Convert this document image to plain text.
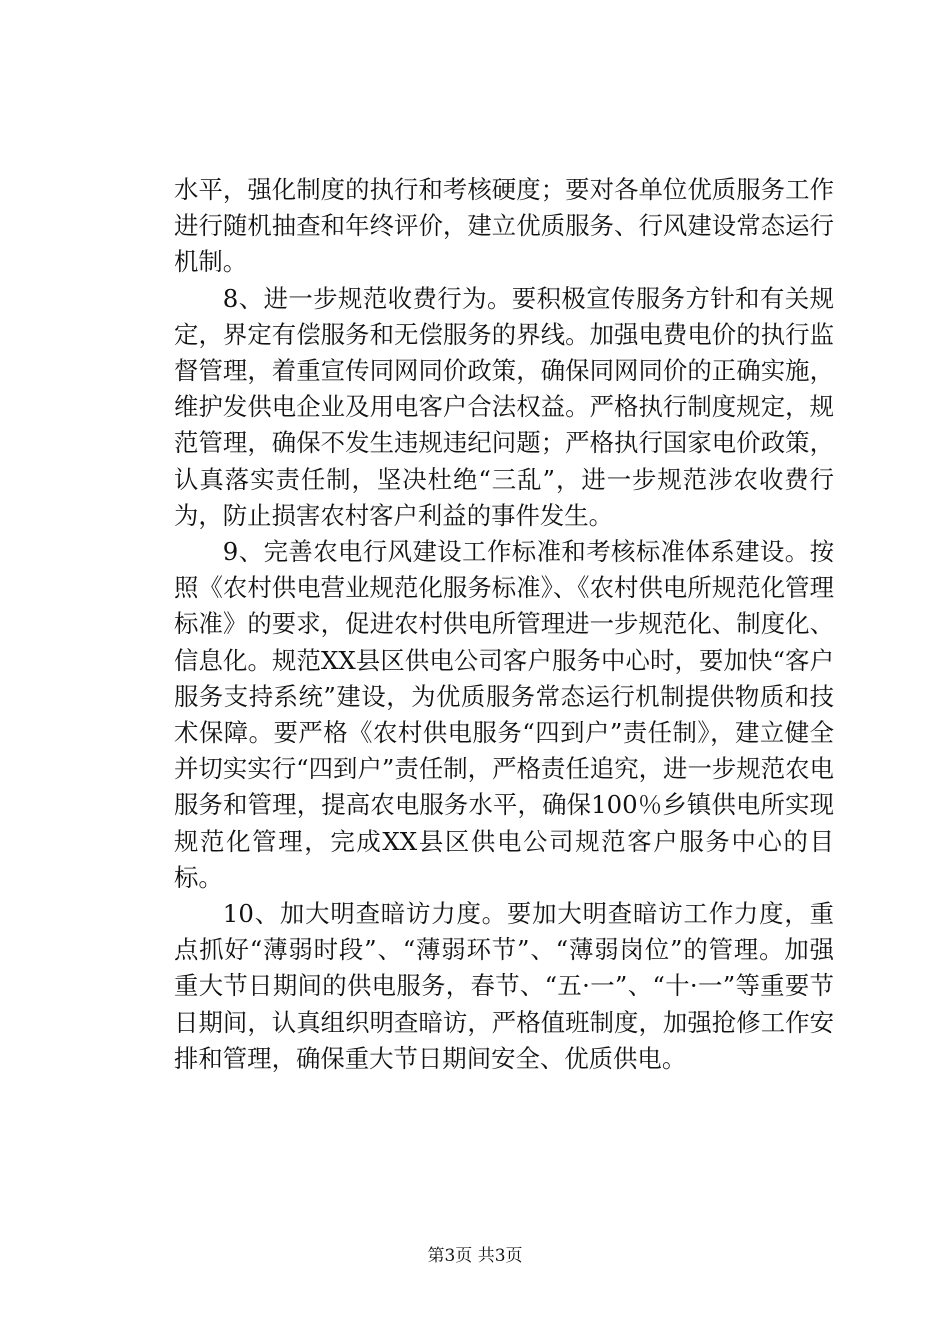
水平，强化制度的执行和考核硬度；要对各单位优质服务工作进行随机抽查和年终评价，建立优质服务、行风建设常态运行机制。

8、进一步规范收费行为。要积极宣传服务方针和有关规定，界定有偿服务和无偿服务的界线。加强电费电价的执行监督管理，着重宣传同网同价政策，确保同网同价的正确实施，维护发供电企业及用电客户合法权益。严格执行制度规定，规范管理，确保不发生违规违纪问题；严格执行国家电价政策，认真落实责任制，坚决杜绝“三乱”，进一步规范涉农收费行为，防止损害农村客户利益的事件发生。

9、完善农电行风建设工作标准和考核标准体系建设。按照《农村供电营业规范化服务标准》、《农村供电所规范化管理标准》的要求，促进农村供电所管理进一步规范化、制度化、信息化。规范XX县区供电公司客户服务中心时，要加快“客户服务支持系统”建设，为优质服务常态运行机制提供物质和技术保障。要严格《农村供电服务“四到户”责任制》，建立健全并切实实行“四到户”责任制，严格责任追究，进一步规范农电服务和管理，提高农电服务水平，确保100％乡镇供电所实现规范化管理，完成XX县区供电公司规范客户服务中心的目标。

10、加大明查暗访力度。要加大明查暗访工作力度，重点抓好“薄弱时段”、“薄弱环节”、“薄弱岗位”的管理。加强重大节日期间的供电服务，春节、“五·一”、“十·一”等重要节日期间，认真组织明查暗访，严格值班制度，加强抢修工作安排和管理，确保重大节日期间安全、优质供电。

第3页 共3页
